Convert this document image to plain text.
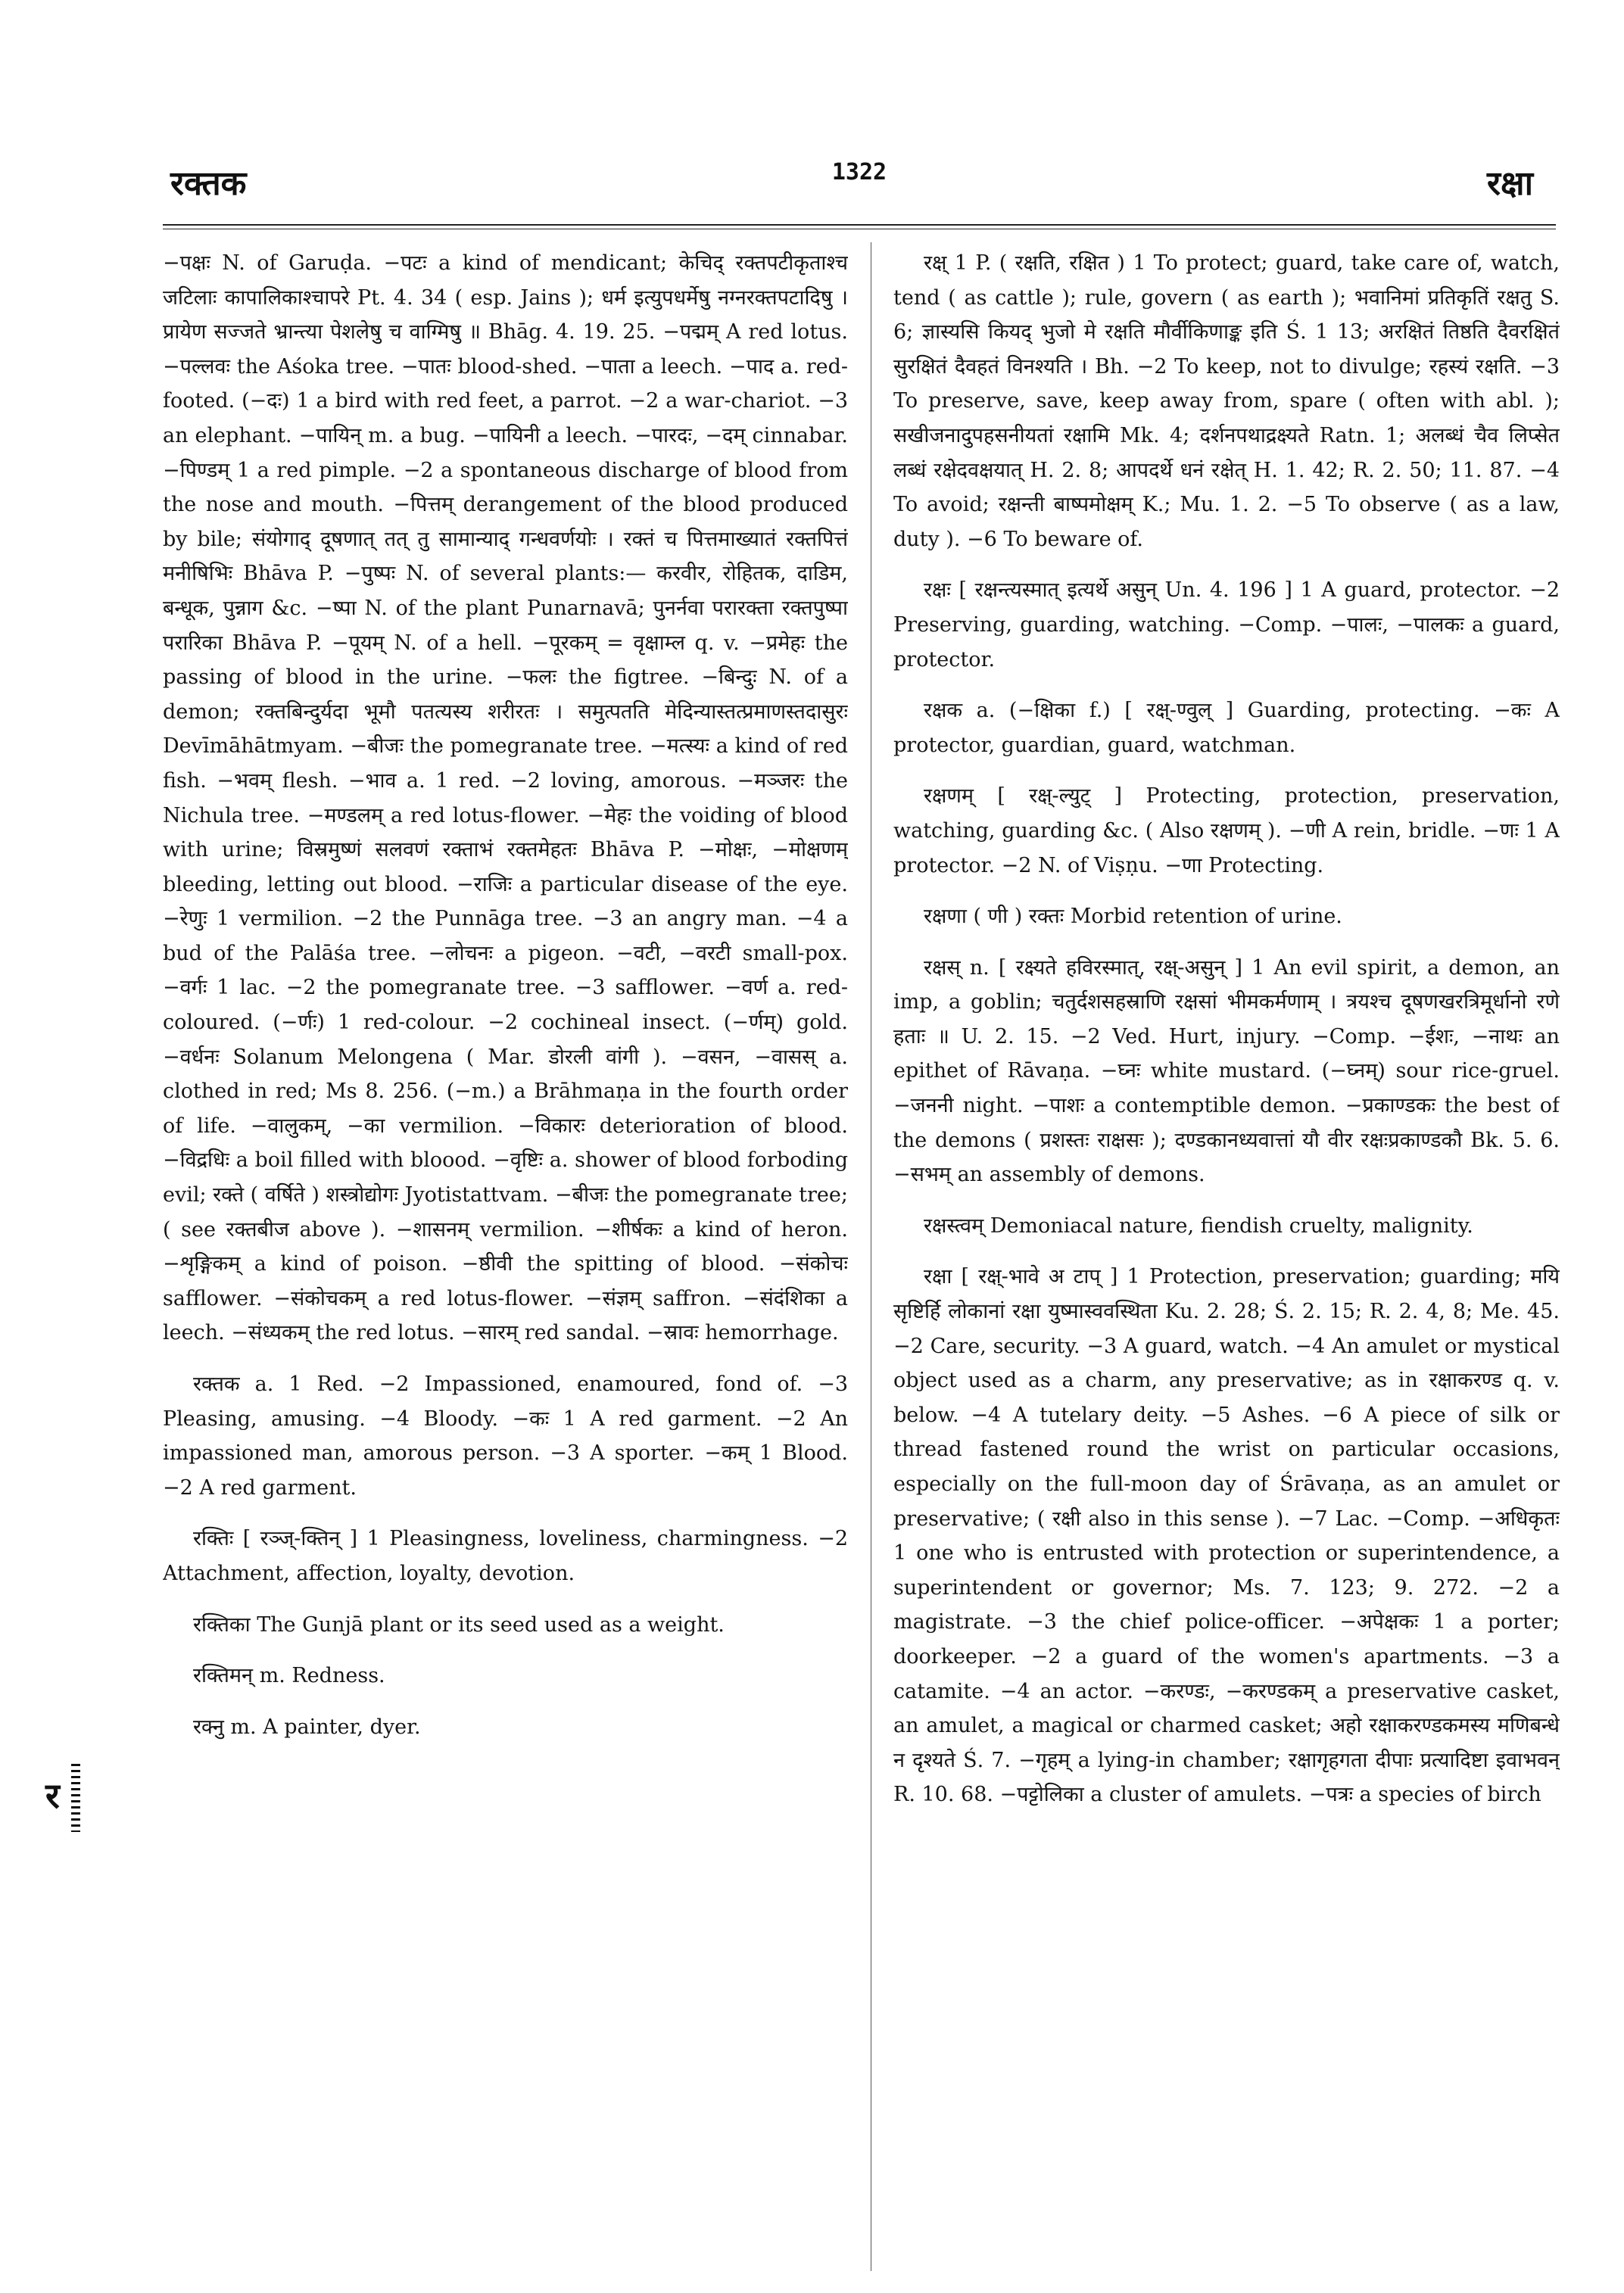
रक्तक	1322	रक्षा
र

−पक्षः N. of Garuḍa. −पटः a kind of mendicant; केचिद् रक्तपटीकृताश्च जटिलाः कापालिकाश्चापरे Pt. 4. 34 ( esp. Jains ); धर्म इत्युपधर्मेषु नग्नरक्तपटादिषु । प्रायेण सज्जते भ्रान्त्या पेशलेषु च वाग्मिषु ॥ Bhāg. 4. 19. 25. −पद्मम् A red lotus. −पल्लवः the Aśoka tree. −पातः blood-shed. −पाता a leech. −पाद a. red-footed. (−दः) 1 a bird with red feet, a parrot. −2 a war-chariot. −3 an elephant. −पायिन् m. a bug. −पायिनी a leech. −पारदः, −दम् cinnabar. −पिण्डम् 1 a red pimple. −2 a spontaneous discharge of blood from the nose and mouth. −पित्तम् derangement of the blood produced by bile; संयोगाद् दूषणात् तत् तु सामान्याद् गन्धवर्णयोः । रक्तं च पित्तमाख्यातं रक्तपित्तं मनीषिभिः Bhāva P. −पुष्पः N. of several plants:— करवीर, रोहितक, दाडिम, बन्धूक, पुन्नाग &c. −ष्पा N. of the plant Punarnavā; पुनर्नवा परारक्ता रक्तपुष्पा परारिका Bhāva P. −पूयम् N. of a hell. −पूरकम् = वृक्षाम्ल q. v. −प्रमेहः the passing of blood in the urine. −फलः the figtree. −बिन्दुः N. of a demon; रक्तबिन्दुर्यदा भूमौ पतत्यस्य शरीरतः । समुत्पतति मेदिन्यास्तत्प्रमाणस्तदासुरः Devīmāhātmyam. −बीजः the pomegranate tree. −मत्स्यः a kind of red fish. −भवम् flesh. −भाव a. 1 red. −2 loving, amorous. −मञ्जरः the Nichula tree. −मण्डलम् a red lotus-flower. −मेहः the voiding of blood with urine; विस्रमुष्णं सलवणं रक्ताभं रक्तमेहतः Bhāva P. −मोक्षः, −मोक्षणम् bleeding, letting out blood. −राजिः a particular disease of the eye. −रेणुः 1 vermilion. −2 the Punnāga tree. −3 an angry man. −4 a bud of the Palāśa tree. −लोचनः a pigeon. −वटी, −वरटी small-pox. −वर्गः 1 lac. −2 the pomegranate tree. −3 safflower. −वर्ण a. red-coloured. (−र्णः) 1 red-colour. −2 cochineal insect. (−र्णम्) gold. −वर्धनः Solanum Melongena ( Mar. डोरली वांगी ). −वसन, −वासस् a. clothed in red; Ms 8. 256. (−m.) a Brāhmaṇa in the fourth order of life. −वालुकम्, −का vermilion. −विकारः deterioration of blood. −विद्रधिः a boil filled with bloood. −वृष्टिः a. shower of blood forboding evil; रक्ते ( वर्षिते ) शस्त्रोद्योगः Jyotistattvam. −बीजः the pomegranate tree; ( see रक्तबीज above ). −शासनम् vermilion. −शीर्षकः a kind of heron. −शृङ्गिकम् a kind of poison. −ष्ठीवी the spitting of blood. −संकोचः safflower. −संकोचकम् a red lotus-flower. −संज्ञम् saffron. −संदंशिका a leech. −संध्यकम् the red lotus. −सारम् red sandal. −स्रावः hemorrhage.

रक्तक a. 1 Red. −2 Impassioned, enamoured, fond of. −3 Pleasing, amusing. −4 Bloody. −कः 1 A red garment. −2 An impassioned man, amorous person. −3 A sporter. −कम् 1 Blood. −2 A red garment.

रक्तिः [ रञ्ज्-क्तिन् ] 1 Pleasingness, loveliness, charmingness. −2 Attachment, affection, loyalty, devotion.

रक्तिका The Gunjā plant or its seed used as a weight.

रक्तिमन् m. Redness.

रक्नु m. A painter, dyer.

रक्ष् 1 P. ( रक्षति, रक्षित ) 1 To protect; guard, take care of, watch, tend ( as cattle ); rule, govern ( as earth ); भवानिमां प्रतिकृतिं रक्षतु S. 6; ज्ञास्यसि कियद् भुजो मे रक्षति मौर्वीकिणाङ्क इति Ś. 1 13; अरक्षितं तिष्ठति दैवरक्षितं सुरक्षितं दैवहतं विनश्यति । Bh. −2 To keep, not to divulge; रहस्यं रक्षति. −3 To preserve, save, keep away from, spare ( often with abl. ); सखीजनादुपहसनीयतां रक्षामि Mk. 4; दर्शनपथाद्रक्ष्यते Ratn. 1; अलब्धं चैव लिप्सेत लब्धं रक्षेदवक्षयात् H. 2. 8; आपदर्थे धनं रक्षेत् H. 1. 42; R. 2. 50; 11. 87. −4 To avoid; रक्षन्ती बाष्पमोक्षम् K.; Mu. 1. 2. −5 To observe ( as a law, duty ). −6 To beware of.

रक्षः [ रक्षन्त्यस्मात् इत्यर्थे असुन् Un. 4. 196 ] 1 A guard, protector. −2 Preserving, guarding, watching. −Comp. −पालः, −पालकः a guard, protector.

रक्षक a. (−क्षिका f.) [ रक्ष्-ण्वुल् ] Guarding, protecting. −कः A protector, guardian, guard, watchman.

रक्षणम् [ रक्ष्-ल्युट् ] Protecting, protection, preservation, watching, guarding &c. ( Also रक्षणम् ). −णी A rein, bridle. −णः 1 A protector. −2 N. of Viṣṇu. −णा Protecting.

रक्षणा ( णी ) रक्तः Morbid retention of urine.

रक्षस् n. [ रक्ष्यते हविरस्मात्, रक्ष्-असुन् ] 1 An evil spirit, a demon, an imp, a goblin; चतुर्दशसहस्राणि रक्षसां भीमकर्मणाम् । त्रयश्च दूषणखरत्रिमूर्धानो रणे हताः ॥ U. 2. 15. −2 Ved. Hurt, injury. −Comp. −ईशः, −नाथः an epithet of Rāvaṇa. −घ्नः white mustard. (−घ्नम्) sour rice-gruel. −जननी night. −पाशः a contemptible demon. −प्रकाण्डकः the best of the demons ( प्रशस्तः राक्षसः ); दण्डकानध्यवात्तां यौ वीर रक्षःप्रकाण्डकौ Bk. 5. 6. −सभम् an assembly of demons.

रक्षस्त्वम् Demoniacal nature, fiendish cruelty, malignity.

रक्षा [ रक्ष्-भावे अ टाप् ] 1 Protection, preservation; guarding; मयि सृष्टिर्हि लोकानां रक्षा युष्मास्ववस्थिता Ku. 2. 28; Ś. 2. 15; R. 2. 4, 8; Me. 45. −2 Care, security. −3 A guard, watch. −4 An amulet or mystical object used as a charm, any preservative; as in रक्षाकरण्ड q. v. below. −4 A tutelary deity. −5 Ashes. −6 A piece of silk or thread fastened round the wrist on particular occasions, especially on the full-moon day of Śrāvaṇa, as an amulet or preservative; ( रक्षी also in this sense ). −7 Lac. −Comp. −अधिकृतः 1 one who is entrusted with protection or superintendence, a superintendent or governor; Ms. 7. 123; 9. 272. −2 a magistrate. −3 the chief police-officer. −अपेक्षकः 1 a porter; doorkeeper. −2 a guard of the women's apartments. −3 a catamite. −4 an actor. −करण्डः, −करण्डकम् a preservative casket, an amulet, a magical or charmed casket; अहो रक्षाकरण्डकमस्य मणिबन्धे न दृश्यते Ś. 7. −गृहम् a lying-in chamber; रक्षागृहगता दीपाः प्रत्यादिष्टा इवाभवन् R. 10. 68. −पट्टोलिका a cluster of amulets. −पत्रः a species of birch
